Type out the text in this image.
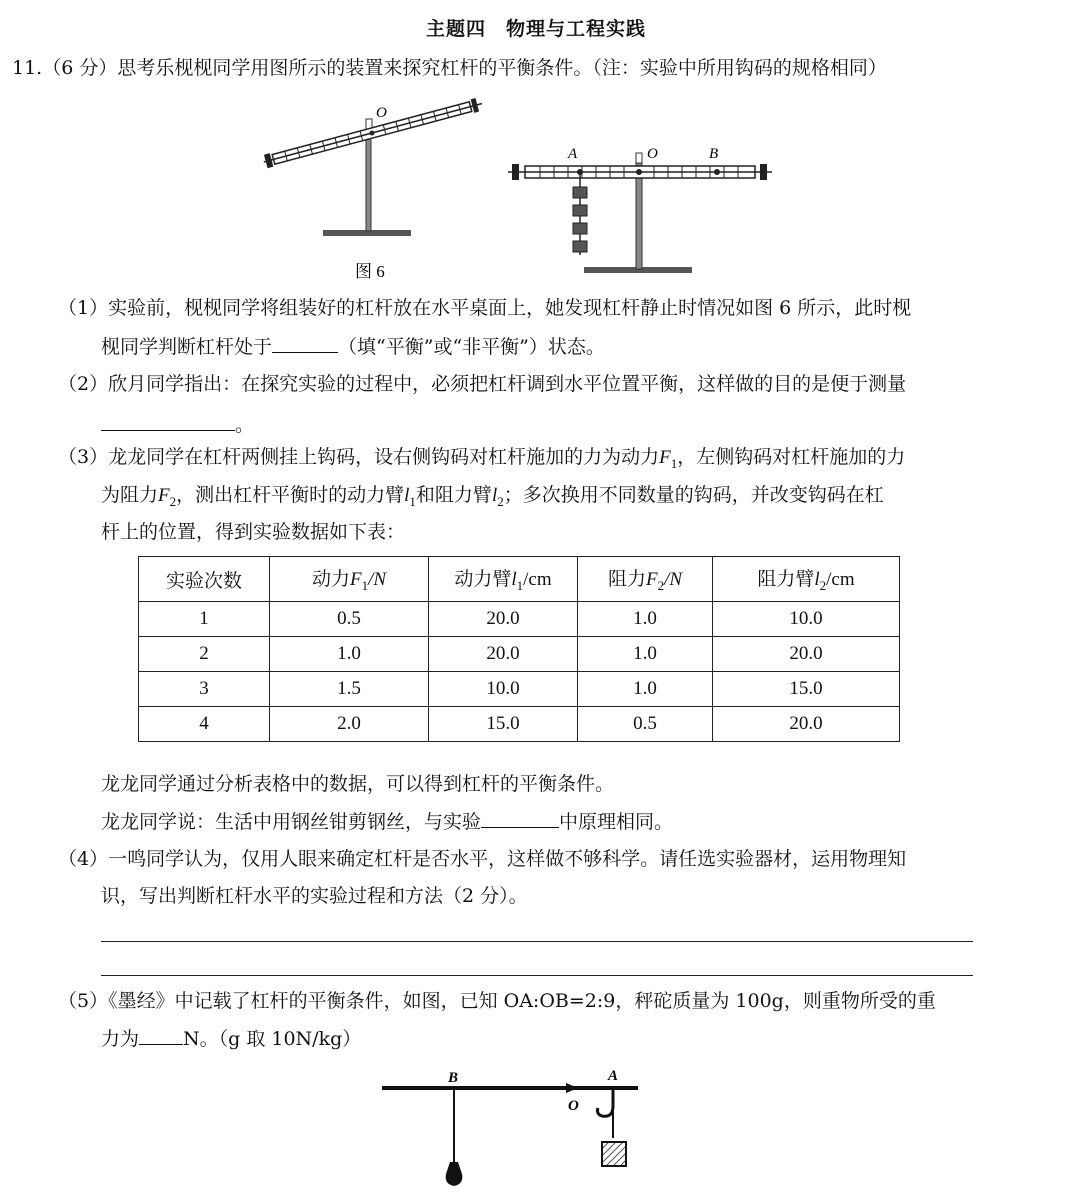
主题四　物理与工程实践
11.（6 分）思考乐枧枧同学用图所示的装置来探究杠杆的平衡条件。（注：实验中所用钩码的规格相同）
O
图 6
A	O	B
（1）实验前，枧枧同学将组装好的杠杆放在水平桌面上，她发现杠杆静止时情况如图 6 所示，此时枧
枧同学判断杠杆处于	（填“平衡”或“非平衡”）状态。
（2）欣月同学指出：在探究实验的过程中，必须把杠杆调到水平位置平衡，这样做的目的是便于测量
。
（3）龙龙同学在杠杆两侧挂上钩码，设右侧钩码对杠杆施加的力为动力$F_1$，左侧钩码对杠杆施加的力
为阻力$F_2$，测出杠杆平衡时的动力臂$l_1$和阻力臂$l_2$；多次换用不同数量的钩码，并改变钩码在杠
杆上的位置，得到实验数据如下表：
实验次数	动力$F_1/N$	动力臂$l_1/cm$	阻力$F_2/N$	阻力臂$l_2/cm$
1	0.5	20.0	1.0	10.0
2	1.0	20.0	1.0	20.0
3	1.5	10.0	1.0	15.0
4	2.0	15.0	0.5	20.0
龙龙同学通过分析表格中的数据，可以得到杠杆的平衡条件。
龙龙同学说：生活中用钢丝钳剪钢丝，与实验	中原理相同。
（4）一鸣同学认为，仅用人眼来确定杠杆是否水平，这样做不够科学。请任选实验器材，运用物理知
识，写出判断杠杆水平的实验过程和方法（2 分）。
（5）《墨经》中记载了杠杆的平衡条件，如图，已知 OA:OB=2:9，秤砣质量为 100g，则重物所受的重
力为 N。（g 取 10N/kg）
B	A
O
